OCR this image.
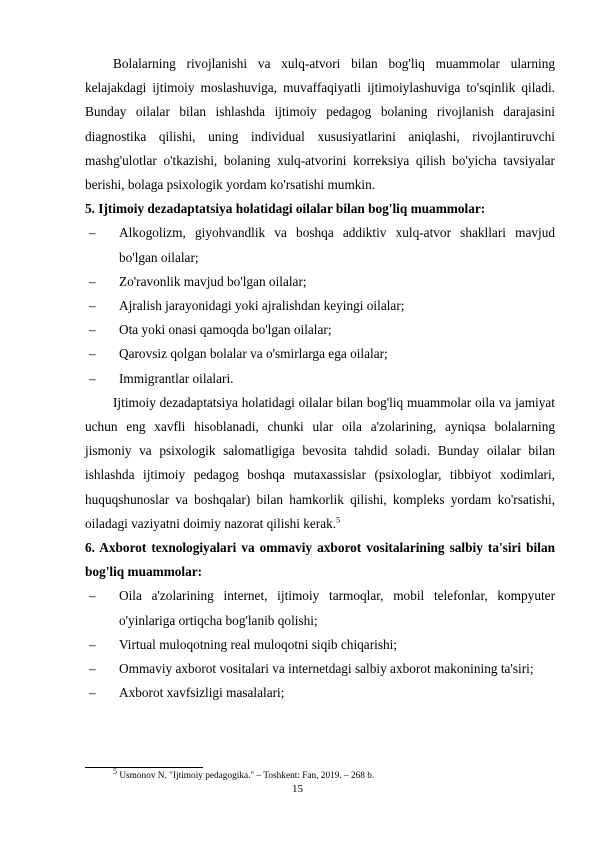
Bolalarning rivojlanishi va xulq-atvori bilan bog'liq muammolar ularning kelajakdagi ijtimoiy moslashuviga, muvaffaqiyatli ijtimoiylashuviga to'sqinlik qiladi. Bunday oilalar bilan ishlashda ijtimoiy pedagog bolaning rivojlanish darajasini diagnostika qilishi, uning individual xususiyatlarini aniqlashi, rivojlantiruvchi mashg'ulotlar o'tkazishi, bolaning xulq-atvorini korreksiya qilish bo'yicha tavsiyalar berishi, bolaga psixologik yordam ko'rsatishi mumkin.

5. Ijtimoiy dezadaptatsiya holatidagi oilalar bilan bog'liq muammolar:
– Alkogolizm, giyohvandlik va boshqa addiktiv xulq-atvor shakllari mavjud bo'lgan oilalar;
– Zo'ravonlik mavjud bo'lgan oilalar;
– Ajralish jarayonidagi yoki ajralishdan keyingi oilalar;
– Ota yoki onasi qamoqda bo'lgan oilalar;
– Qarovsiz qolgan bolalar va o'smirlarga ega oilalar;
– Immigrantlar oilalari.

Ijtimoiy dezadaptatsiya holatidagi oilalar bilan bog'liq muammolar oila va jamiyat uchun eng xavfli hisoblanadi, chunki ular oila a'zolarining, ayniqsa bolalarning jismoniy va psixologik salomatligiga bevosita tahdid soladi. Bunday oilalar bilan ishlashda ijtimoiy pedagog boshqa mutaxassislar (psixologlar, tibbiyot xodimlari, huquqshunoslar va boshqalar) bilan hamkorlik qilishi, kompleks yordam ko'rsatishi, oiladagi vaziyatni doimiy nazorat qilishi kerak.$^5$

6. Axborot texnologiyalari va ommaviy axborot vositalarining salbiy ta'siri bilan bog'liq muammolar:
– Oila a'zolarining internet, ijtimoiy tarmoqlar, mobil telefonlar, kompyuter o'yinlariga ortiqcha bog'lanib qolishi;
– Virtual muloqotning real muloqotni siqib chiqarishi;
– Ommaviy axborot vositalari va internetdagi salbiy axborot makonining ta'siri;
– Axborot xavfsizligi masalalari;
$^5$ Usmonov N. "Ijtimoiy pedagogika." – Toshkent: Fan, 2019. – 268 b.
15
